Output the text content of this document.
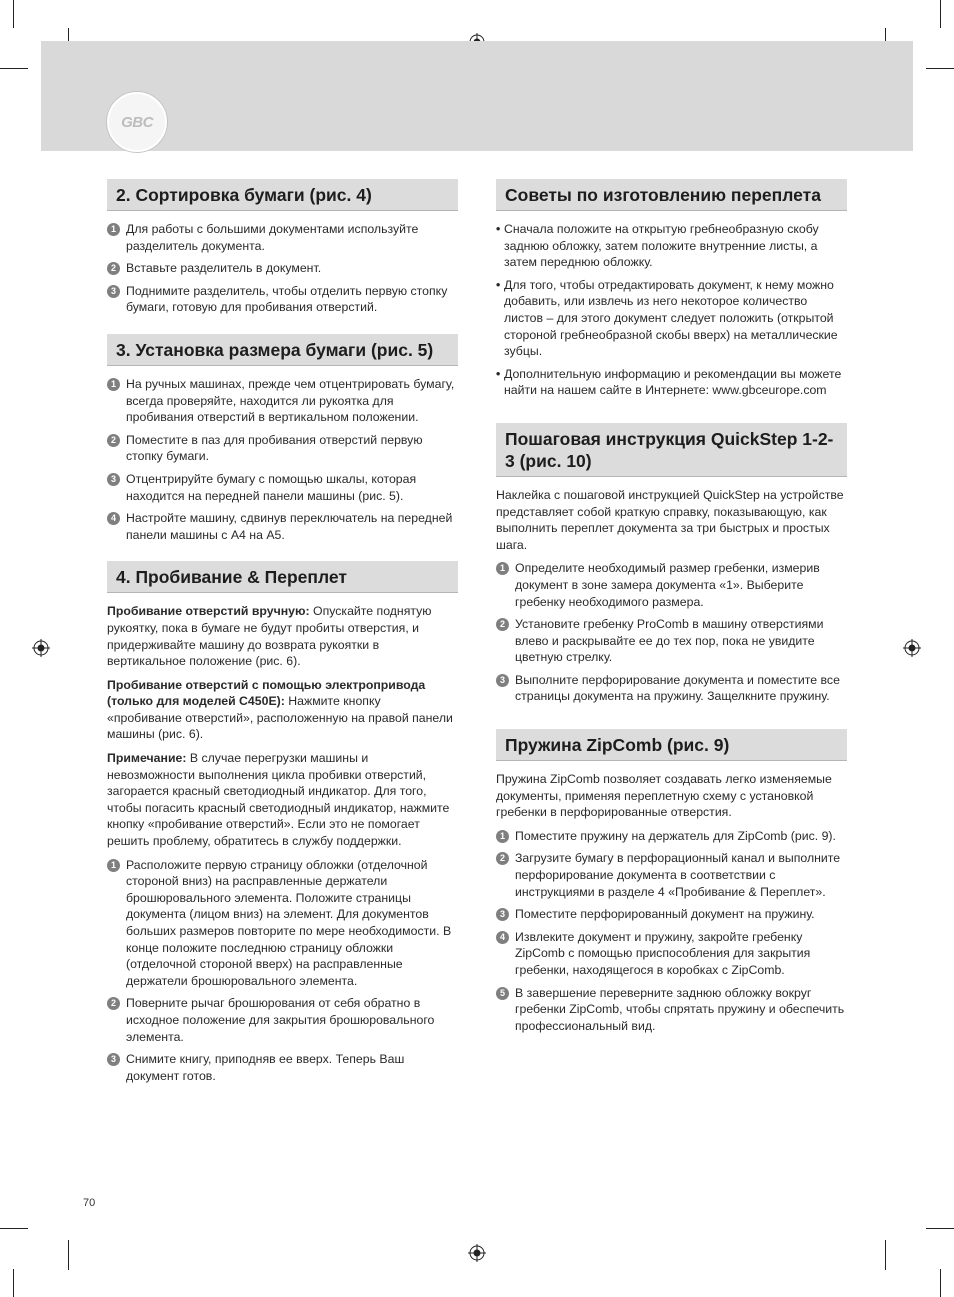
GBC
2. Сортировка бумаги (рис. 4)
1 Для работы с большими документами используйте разделитель документа.
2 Вставьте разделитель в документ.
3 Поднимите разделитель, чтобы отделить первую стопку бумаги, готовую для пробивания отверстий.
3. Установка размера бумаги (рис. 5)
1 На ручных машинах, прежде чем отцентрировать бумагу, всегда проверяйте, находится ли рукоятка для пробивания отверстий в вертикальном положении.
2 Поместите в паз для пробивания отверстий первую стопку бумаги.
3 Отцентрируйте бумагу с помощью шкалы, которая находится на передней панели машины (рис. 5).
4 Настройте машину, сдвинув переключатель на передней панели машины с A4 на A5.
4. Пробивание & Переплет

Пробивание отверстий вручную: Опускайте поднятую рукоятку, пока в бумаге не будут пробиты отверстия, и придерживайте машину до возврата рукоятки в вертикальное положение (рис. 6).

Пробивание отверстий с помощью электропривода (только для моделей C450E): Нажмите кнопку «пробивание отверстий», расположенную на правой панели машины (рис. 6).

Примечание: В случае перегрузки машины и невозможности выполнения цикла пробивки отверстий, загорается красный светодиодный индикатор. Для того, чтобы погасить красный светодиодный индикатор, нажмите кнопку «пробивание отверстий». Если это не помогает решить проблему, обратитесь в службу поддержки.

1 Расположите первую страницу обложки (отделочной стороной вниз) на расправленные держатели брошюровального элемента. Положите страницы документа (лицом вниз) на элемент. Для документов больших размеров повторите по мере необходимости. В конце положите последнюю страницу обложки (отделочной стороной вверх) на расправленные держатели брошюровального элемента.
2 Поверните рычаг брошюрования от себя обратно в исходное положение для закрытия брошюровального элемента.
3 Снимите книгу, приподняв ее вверх. Теперь Ваш документ готов.
Советы по изготовлению переплета
• Сначала положите на открытую гребнеобразную скобу заднюю обложку, затем положите внутренние листы, а затем переднюю обложку.
• Для того, чтобы отредактировать документ, к нему можно добавить, или извлечь из него некоторое количество листов – для этого документ следует положить (открытой стороной гребнеобразной скобы вверх) на металлические зубцы.
• Дополнительную информацию и рекомендации вы можете найти на нашем сайте в Интернете: www.gbceurope.com
Пошаговая инструкция QuickStep 1-2-3 (рис. 10)

Наклейка с пошаговой инструкцией QuickStep на устройстве представляет собой краткую справку, показывающую, как выполнить переплет документа за три быстрых и простых шага.

1 Определите необходимый размер гребенки, измерив документ в зоне замера документа «1». Выберите гребенку необходимого размера.
2 Установите гребенку ProComb в машину отверстиями влево и раскрывайте ее до тех пор, пока не увидите цветную стрелку.
3 Выполните перфорирование документа и поместите все страницы документа на пружину. Защелкните пружину.
Пружина ZipComb (рис. 9)

Пружина ZipComb позволяет создавать легко изменяемые документы, применяя переплетную схему с установкой гребенки в перфорированные отверстия.

1 Поместите пружину на держатель для ZipComb (рис. 9).
2 Загрузите бумагу в перфорационный канал и выполните перфорирование документа в соответствии с инструкциями в разделе 4 «Пробивание & Переплет».
3 Поместите перфорированный документ на пружину.
4 Извлеките документ и пружину, закройте гребенку ZipComb с помощью приспособления для закрытия гребенки, находящегося в коробках с ZipComb.
5 В завершение переверните заднюю обложку вокруг гребенки ZipComb, чтобы спрятать пружину и обеспечить профессиональный вид.
70
